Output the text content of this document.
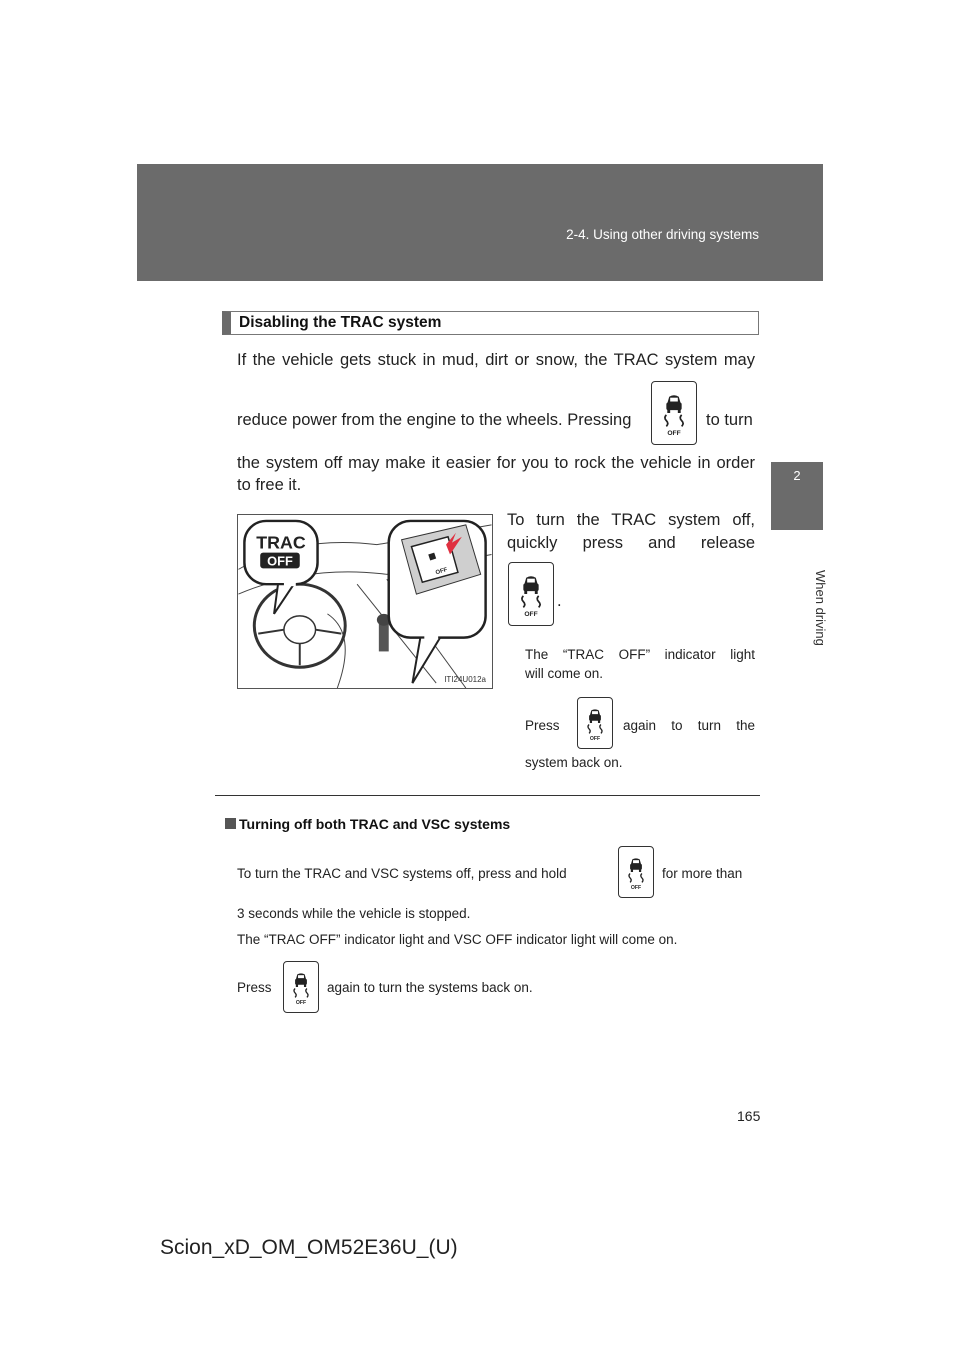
2-4. Using other driving systems
2
When driving
Disabling the TRAC system
If the vehicle gets stuck in mud, dirt or snow, the TRAC system may
reduce power from the engine to the wheels. Pressing	to turn
the system off may make it easier for you to rock the vehicle in order
to free it.
TRAC
OFF
OFF
ITI24U012a
To turn the TRAC system off,
quickly press and release
.
The “TRAC OFF” indicator light
will come on.
Press	again to turn the
system back on.
Turning off both TRAC and VSC systems
To turn the TRAC and VSC systems off, press and hold	for more than
3 seconds while the vehicle is stopped.
The “TRAC OFF” indicator light and VSC OFF indicator light will come on.
Press	again to turn the systems back on.
165
Scion_xD_OM_OM52E36U_(U)
